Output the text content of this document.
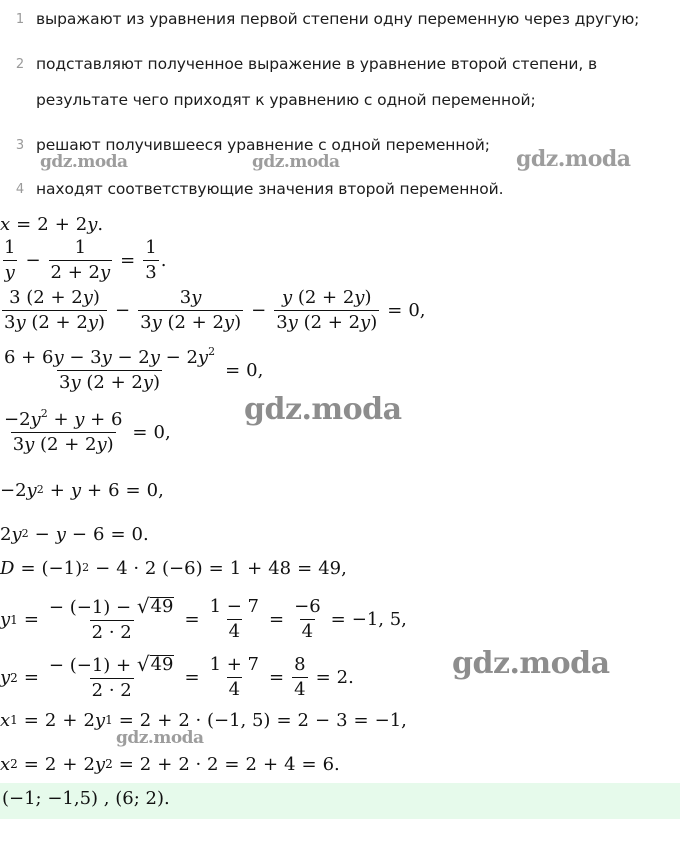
1 выражают из уравнения первой степени одну переменную через другую;
2 подставляют полученное выражение в уравнение второй степени, в
результате чего приходят к уравнению с одной переменной;
3 решают получившееся уравнение с одной переменной;
4 находят соответствующие значения второй переменной.
x = 2 + 2 y .
$\frac{1}{y} - \frac{1}{2 + 2y} = \frac{1}{3}$ .
$\frac{3 (2 + 2y)}{3y (2 + 2y)} - \frac{3y}{3y (2 + 2y)} - \frac{y (2 + 2y)}{3y (2 + 2y)} = 0$,
$\frac{6 + 6y - 3y - 2y - 2y^2}{3y (2 + 2y)} = 0$,
$\frac{-2y^2 + y + 6}{3y (2 + 2y)} = 0$,
−2 y 2 + y + 6 = 0,
2 y 2 − y − 6 = 0.
D = (−1) 2 − 4 · 2 (−6) = 1 + 48 = 49,
y $1 = \frac{- (-1) - √ 49}{2 \cdot 2} = \frac{1 - 7}{4} = \frac{-6}{4} = -1$, 5,
y $2 = \frac{- (-1) + √ 49}{2 \cdot 2} = \frac{1 + 7}{4} = \frac{8}{4} = 2$.
x 1 = 2 + 2 y 1 = 2 + 2 · (−1, 5) = 2 − 3 = −1,
x 2 = 2 + 2 y 2 = 2 + 2 · 2 = 2 + 4 = 6.
(−1; −1,5) , (6; 2).
gdz.moda	gdz.moda	gdz.moda
gdz.moda
gdz.moda
gdz.moda
